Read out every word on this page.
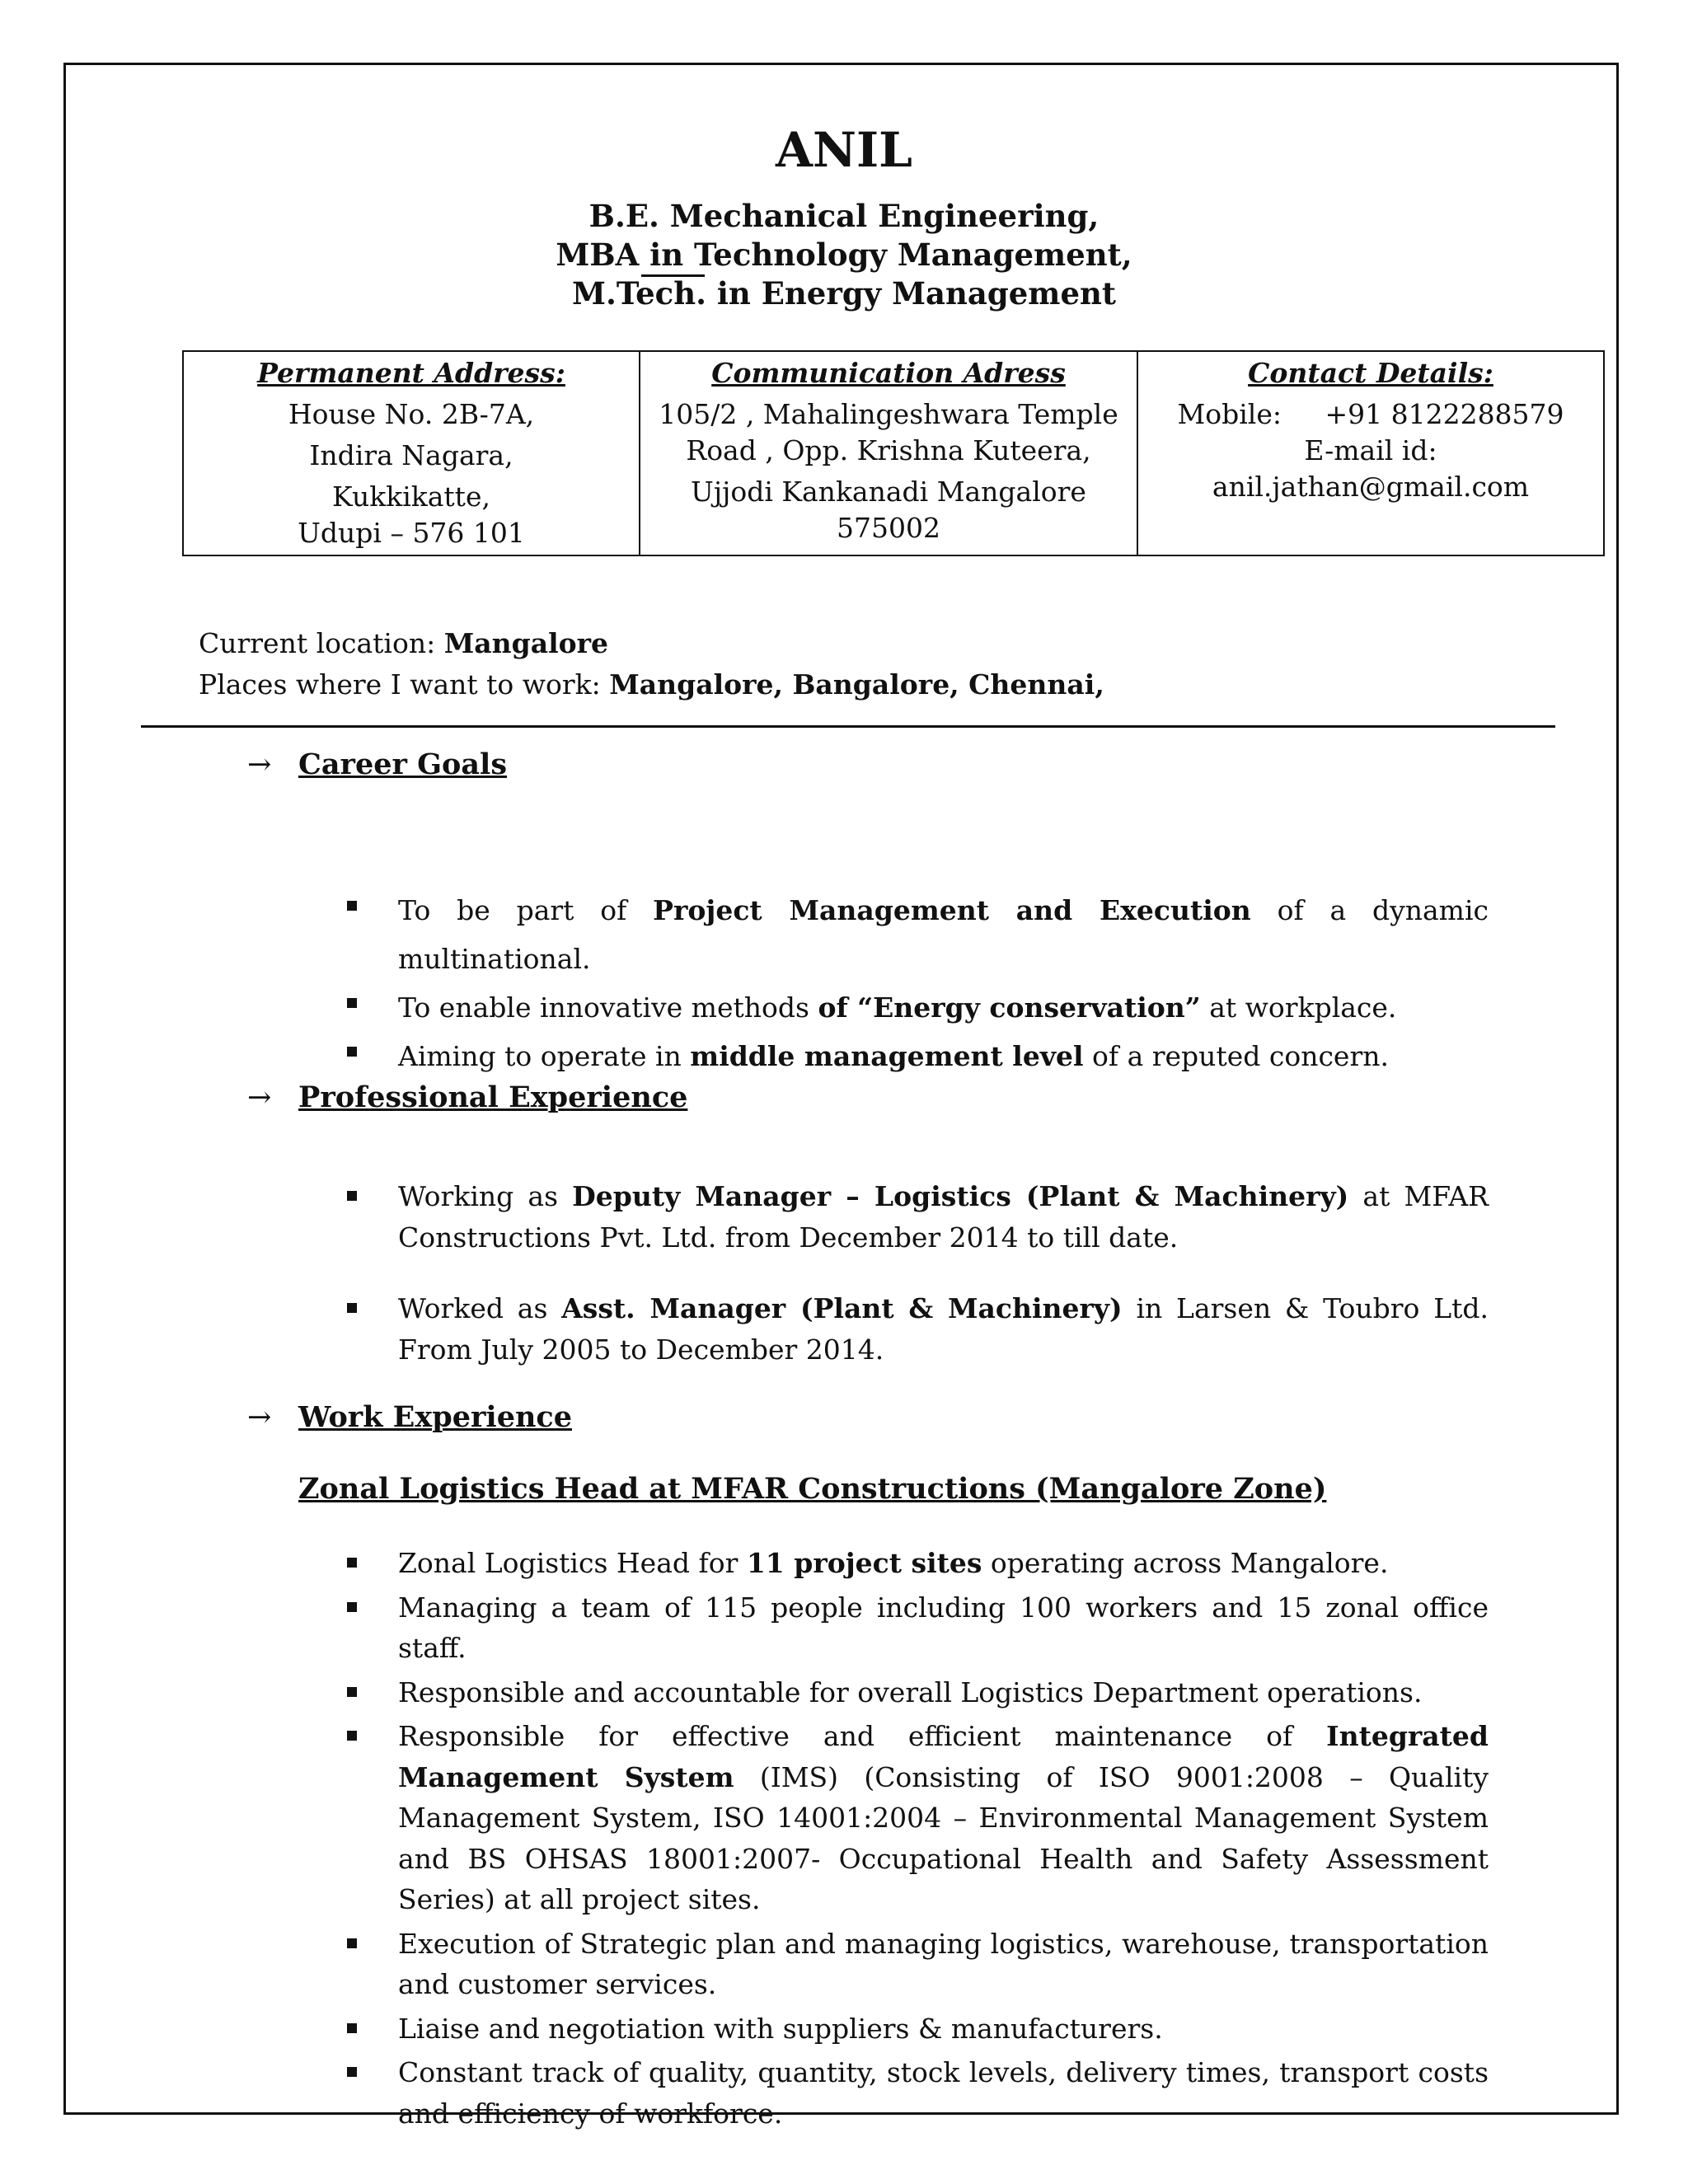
ANIL
B.E. Mechanical Engineering,
MBA in Technology Management,
M.Tech. in Energy Management
Permanent Address:
House No. 2B-7A,
Indira Nagara,
Kukkikatte,
Udupi – 576 101

Communication Adress
105/2 , Mahalingeshwara Temple
Road , Opp. Krishna Kuteera,
Ujjodi Kankanadi Mangalore
575002

Contact Details:
Mobile: +91 8122288579
E-mail id:
anil.jathan@gmail.com
Current location: Mangalore
Places where I want to work: Mangalore, Bangalore, Chennai,
→ Career Goals
To be part of Project Management and Execution of a dynamic multinational.
To enable innovative methods of “Energy conservation” at workplace.
Aiming to operate in middle management level of a reputed concern.
→ Professional Experience
Working as Deputy Manager – Logistics (Plant & Machinery) at MFAR Constructions Pvt. Ltd. from December 2014 to till date.
Worked as Asst. Manager (Plant & Machinery) in Larsen & Toubro Ltd. From July 2005 to December 2014.
→ Work Experience
Zonal Logistics Head at MFAR Constructions (Mangalore Zone)
Zonal Logistics Head for 11 project sites operating across Mangalore.
Managing a team of 115 people including 100 workers and 15 zonal office staff.
Responsible and accountable for overall Logistics Department operations.
Responsible for effective and efficient maintenance of Integrated Management System (IMS) (Consisting of ISO 9001:2008 – Quality Management System, ISO 14001:2004 – Environmental Management System and BS OHSAS 18001:2007- Occupational Health and Safety Assessment Series) at all project sites.
Execution of Strategic plan and managing logistics, warehouse, transportation and customer services.
Liaise and negotiation with suppliers & manufacturers.
Constant track of quality, quantity, stock levels, delivery times, transport costs and efficiency of workforce.
